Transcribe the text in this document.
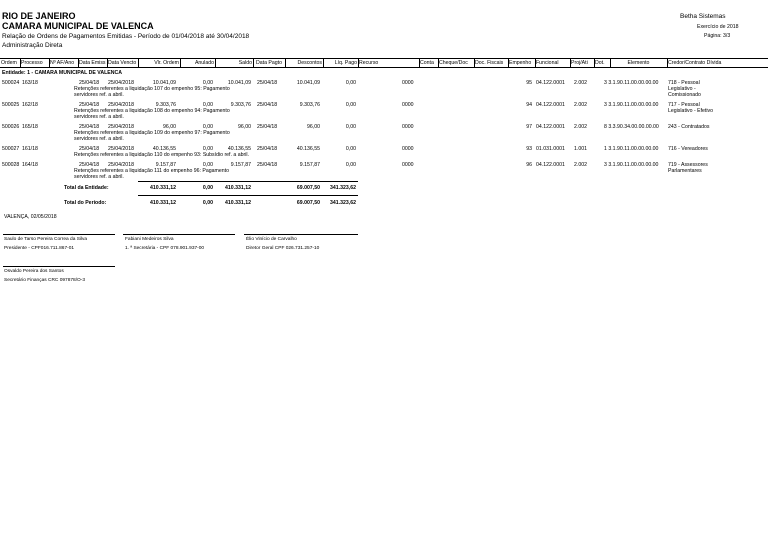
RIO DE JANEIRO
CAMARA MUNICIPAL DE VALENCA
Relação de Ordens de Pagamentos Emitidas - Período de 01/04/2018 até 30/04/2018
Administração Direta
Betha Sistemas
Exercício de 2018
Página: 3/3
Ordem Processo	Nº AF/Ano Data Emiss Data Vencto	Vlr. Ordem	Anulado	Saldo Data Pagto	Descontos	Líq. Pago Recurso	Conta Cheque/Doc	Doc. Fiscais	Empenho Funcional	Proj/Ati	Dot.	Elemento	Credor/Contrato Dívida
Entidade: 1 - CAMARA MUNICIPAL DE VALENCA
500024 163/18	25/04/18 25/04/2018	10.041,09	0,00	10.041,09 25/04/18	10.041,09	0,00	0000	95 04.122.0001 2.002	3 3.1.90.11.00.00.00.00 718 - Pessoal
Legislativo -
Comissionado
Retenções referentes a liquidação 107 do empenho 95: Pagamento
servidores ref. a abril.
500025 162/18	25/04/18 25/04/2018	9.303,76	0,00	9.303,76 25/04/18	9.303,76	0,00	0000	94 04.122.0001 2.002	3 3.1.90.11.00.00.00.00 717 - Pessoal
Legislativo - Efetivo
Retenções referentes a liquidação 108 do empenho 94: Pagamento
servidores ref. a abril.
500026 165/18	25/04/18 25/04/2018	96,00	0,00	96,00 25/04/18	96,00	0,00	0000	97 04.122.0001 2.002	8 3.3.90.34.00.00.00.00 243 - Contratados
Retenções referentes a liquidação 109 do empenho 97: Pagamento
servidores ref. a abril.
500027 161/18	25/04/18 25/04/2018	40.136,55	0,00	40.136,55 25/04/18	40.136,55	0,00	0000	93 01.031.0001 1.001	1 3.1.90.11.00.00.00.00 716 - Vereadores
Retenções referentes a liquidação 110 do empenho 93: Subsídio ref. a abril.
500028 164/18	25/04/18 25/04/2018	9.157,87	0,00	9.157,87 25/04/18	9.157,87	0,00	0000	96 04.122.0001 2.002	3 3.1.90.11.00.00.00.00 719 - Assessores
Parlamentares
Retenções referentes a liquidação 111 do empenho 96: Pagamento
servidores ref. a abril.
Total da Entidade:	410.331,12	0,00	410.331,12	69.007,50	341.323,62
Total do Período:	410.331,12	0,00	410.331,12	69.007,50	341.323,62
VALENÇA, 02/05/2018
Saulo de Tarso Pereira Correa da Silva
Presidente - CPF016.711.867-01
Fabiani Medeiros Silva
1. ª Secretária - CPF 078.901.937-00
Élio Vinício de Carvalho
Diretor Geral CPF 026.731.257-10
Osvaldo Pereira dos Santos
Secretário Finanças CRC 097878/O-3
